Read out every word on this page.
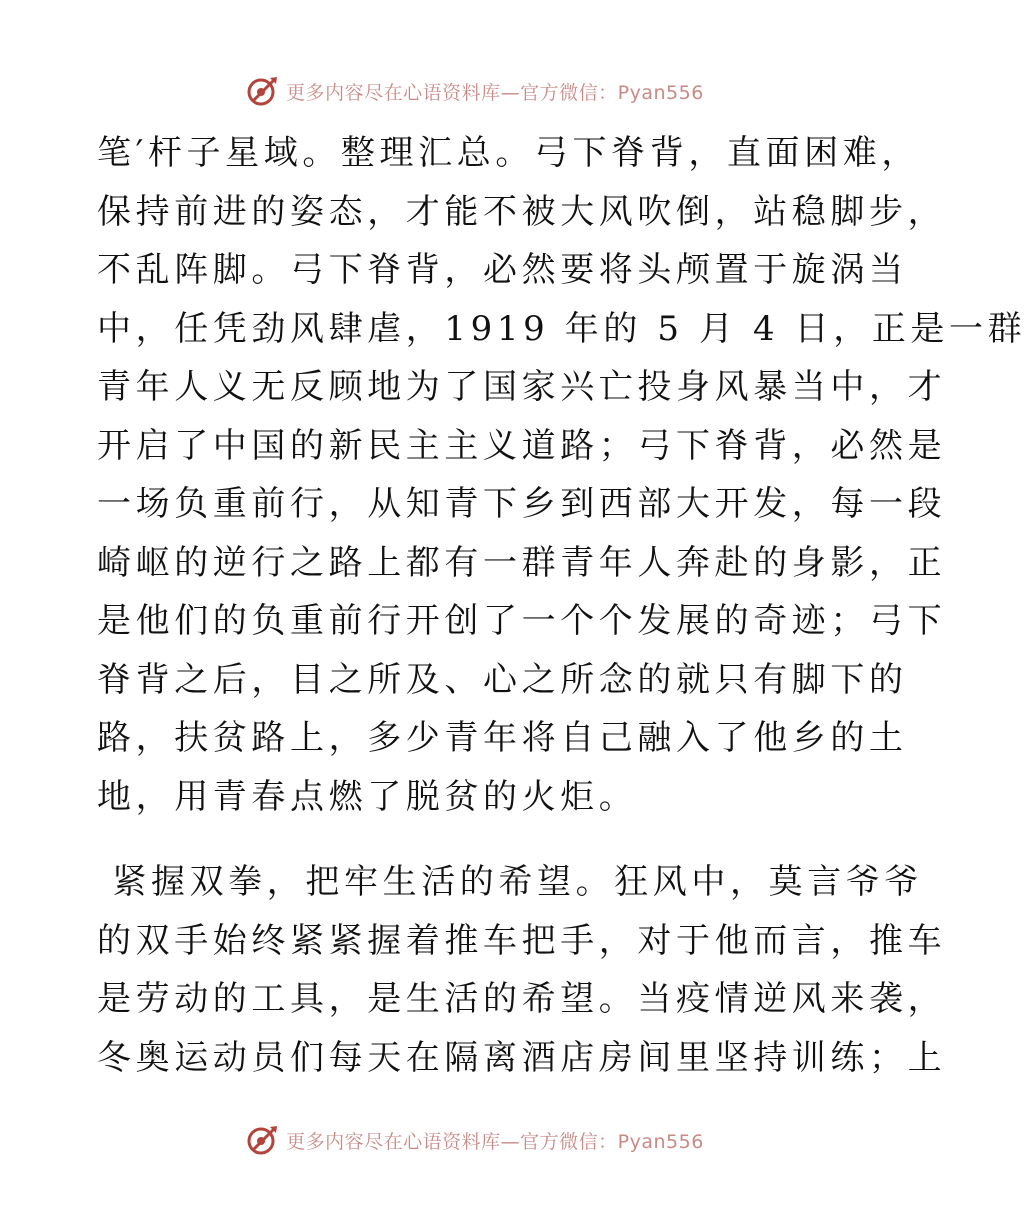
更多内容尽在心语资料库—官方微信：Pyan556
笔′杆子星域。整理汇总。弓下脊背，直面困难，
保持前进的姿态，才能不被大风吹倒，站稳脚步，
不乱阵脚。弓下脊背，必然要将头颅置于旋涡当
中，任凭劲风肆虐，1919 年的 5 月 4 日，正是一群
青年人义无反顾地为了国家兴亡投身风暴当中，才
开启了中国的新民主主义道路；弓下脊背，必然是
一场负重前行，从知青下乡到西部大开发，每一段
崎岖的逆行之路上都有一群青年人奔赴的身影，正
是他们的负重前行开创了一个个发展的奇迹；弓下
脊背之后，目之所及、心之所念的就只有脚下的
路，扶贫路上，多少青年将自己融入了他乡的土
地，用青春点燃了脱贫的火炬。
紧握双拳，把牢生活的希望。狂风中，莫言爷爷
的双手始终紧紧握着推车把手，对于他而言，推车
是劳动的工具，是生活的希望。当疫情逆风来袭，
冬奥运动员们每天在隔离酒店房间里坚持训练；上
更多内容尽在心语资料库—官方微信：Pyan556
